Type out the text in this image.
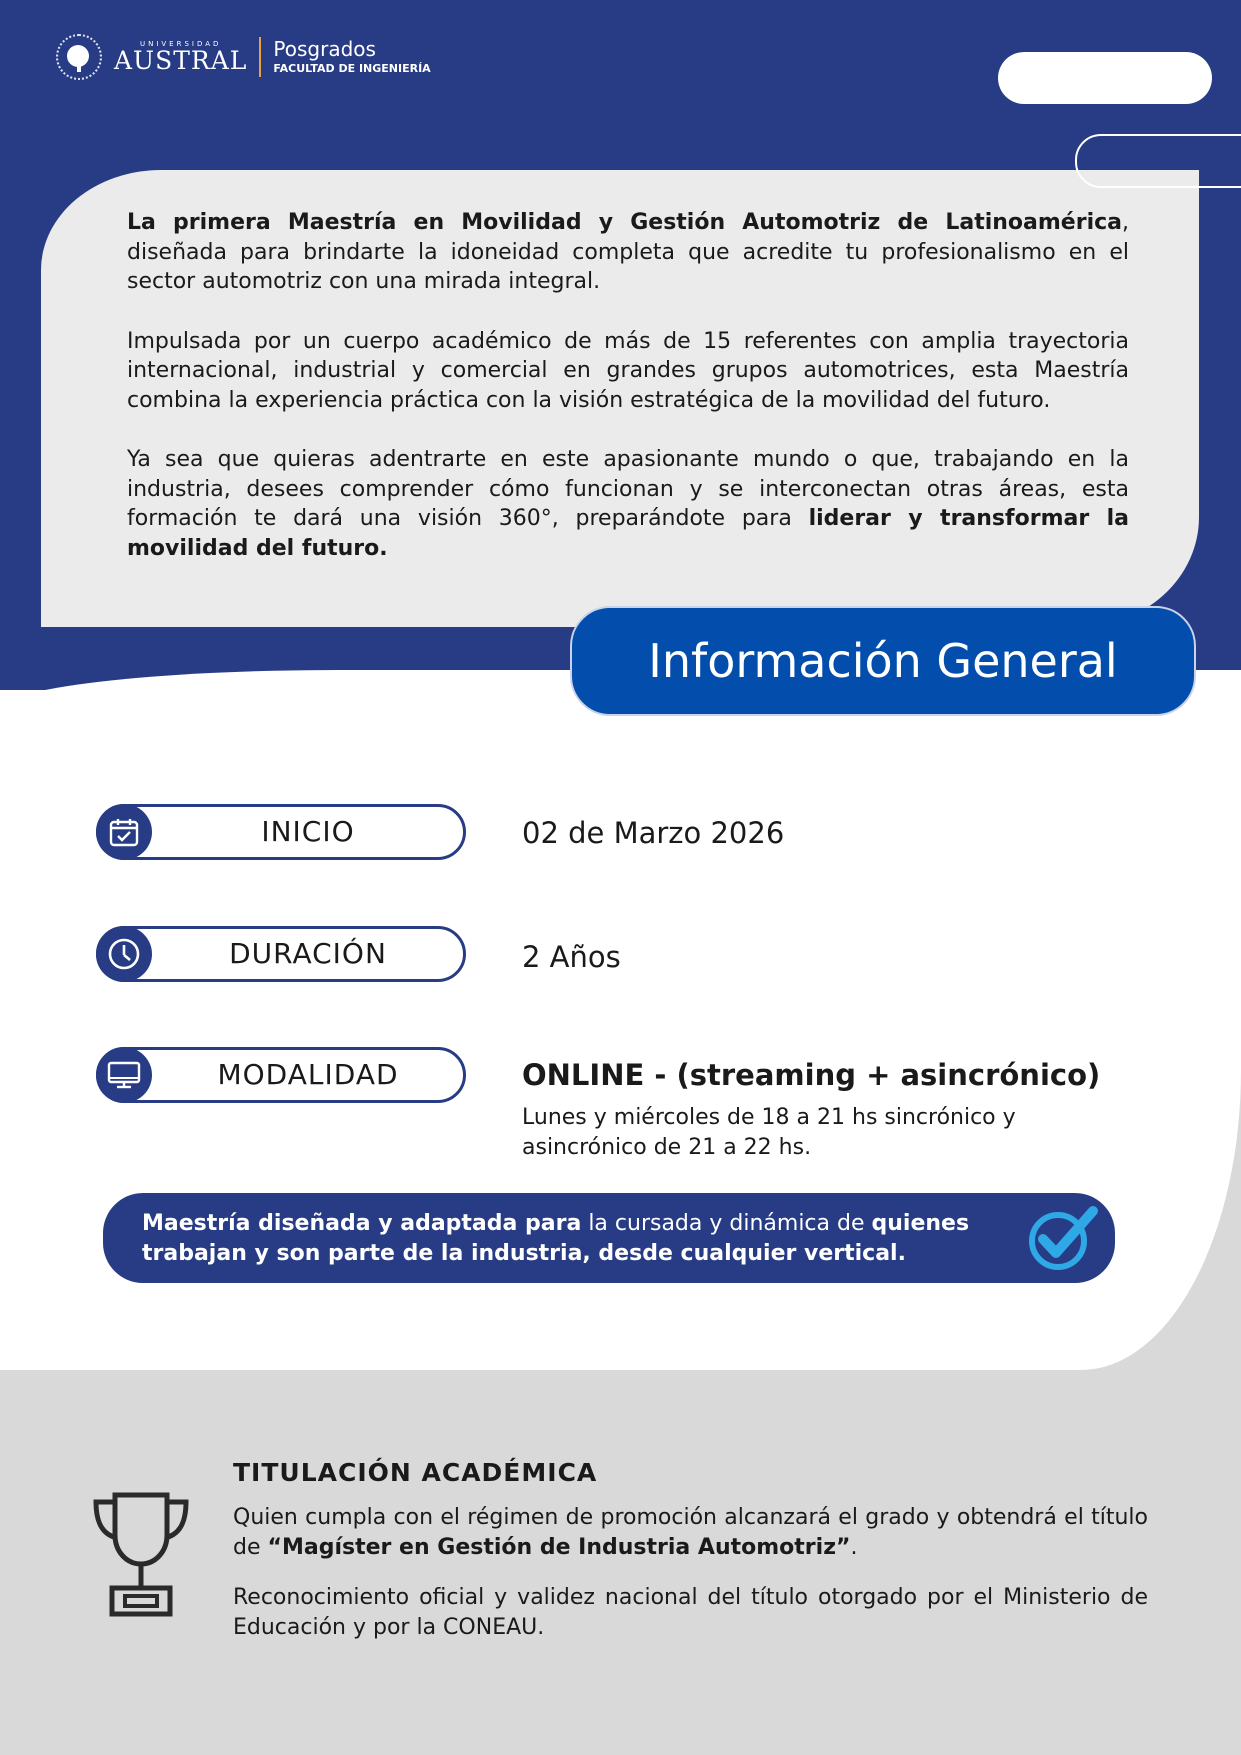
UNIVERSIDAD
AUSTRAL Posgrados
FACULTAD DE INGENIERÍA

La primera Maestría en Movilidad y Gestión Automotriz de Latinoamérica, diseñada para brindarte la idoneidad completa que acredite tu profesionalismo en el sector automotriz con una mirada integral.

Impulsada por un cuerpo académico de más de 15 referentes con amplia trayectoria internacional, industrial y comercial en grandes grupos automotrices, esta Maestría combina la experiencia práctica con la visión estratégica de la movilidad del futuro.

Ya sea que quieras adentrarte en este apasionante mundo o que, trabajando en la industria, desees comprender cómo funcionan y se interconectan otras áreas, esta formación te dará una visión 360°, preparándote para liderar y transformar la movilidad del futuro.

Información General
INICIO	02 de Marzo 2026
DURACIÓN	2 Años
MODALIDAD	ONLINE - (streaming + asincrónico)
Lunes y miércoles de 18 a 21 hs sincrónico y asincrónico de 21 a 22 hs.
Maestría diseñada y adaptada para la cursada y dinámica de quienes trabajan y son parte de la industria, desde cualquier vertical.
TITULACIÓN ACADÉMICA
Quien cumpla con el régimen de promoción alcanzará el grado y obtendrá el título de “Magíster en Gestión de Industria Automotriz”.
Reconocimiento oficial y validez nacional del título otorgado por el Ministerio de Educación y por la CONEAU.
